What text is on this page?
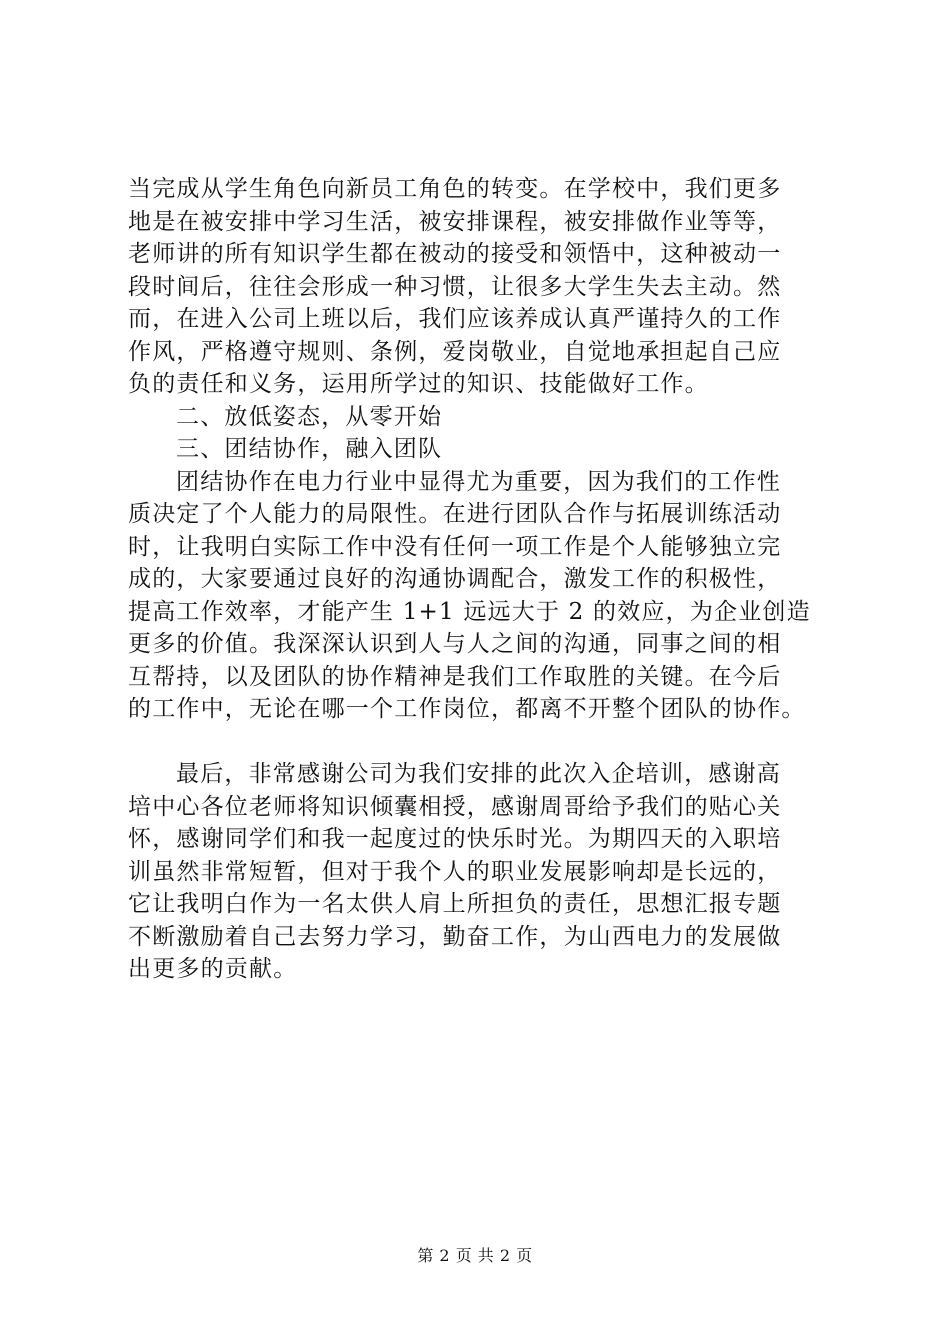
当完成从学生角色向新员工角色的转变。在学校中，我们更多
地是在被安排中学习生活，被安排课程，被安排做作业等等，
老师讲的所有知识学生都在被动的接受和领悟中，这种被动一
段时间后，往往会形成一种习惯，让很多大学生失去主动。然
而，在进入公司上班以后，我们应该养成认真严谨持久的工作
作风，严格遵守规则、条例，爱岗敬业，自觉地承担起自己应
负的责任和义务，运用所学过的知识、技能做好工作。
二、放低姿态，从零开始
三、团结协作，融入团队
团结协作在电力行业中显得尤为重要，因为我们的工作性
质决定了个人能力的局限性。在进行团队合作与拓展训练活动
时，让我明白实际工作中没有任何一项工作是个人能够独立完
成的，大家要通过良好的沟通协调配合，激发工作的积极性，
提高工作效率，才能产生 1+1 远远大于 2 的效应，为企业创造
更多的价值。我深深认识到人与人之间的沟通，同事之间的相
互帮持，以及团队的协作精神是我们工作取胜的关键。在今后
的工作中，无论在哪一个工作岗位，都离不开整个团队的协作。
最后，非常感谢公司为我们安排的此次入企培训，感谢高
培中心各位老师将知识倾囊相授，感谢周哥给予我们的贴心关
怀，感谢同学们和我一起度过的快乐时光。为期四天的入职培
训虽然非常短暂，但对于我个人的职业发展影响却是长远的，
它让我明白作为一名太供人肩上所担负的责任，思想汇报专题
不断激励着自己去努力学习，勤奋工作，为山西电力的发展做
出更多的贡献。
第 2 页 共 2 页
